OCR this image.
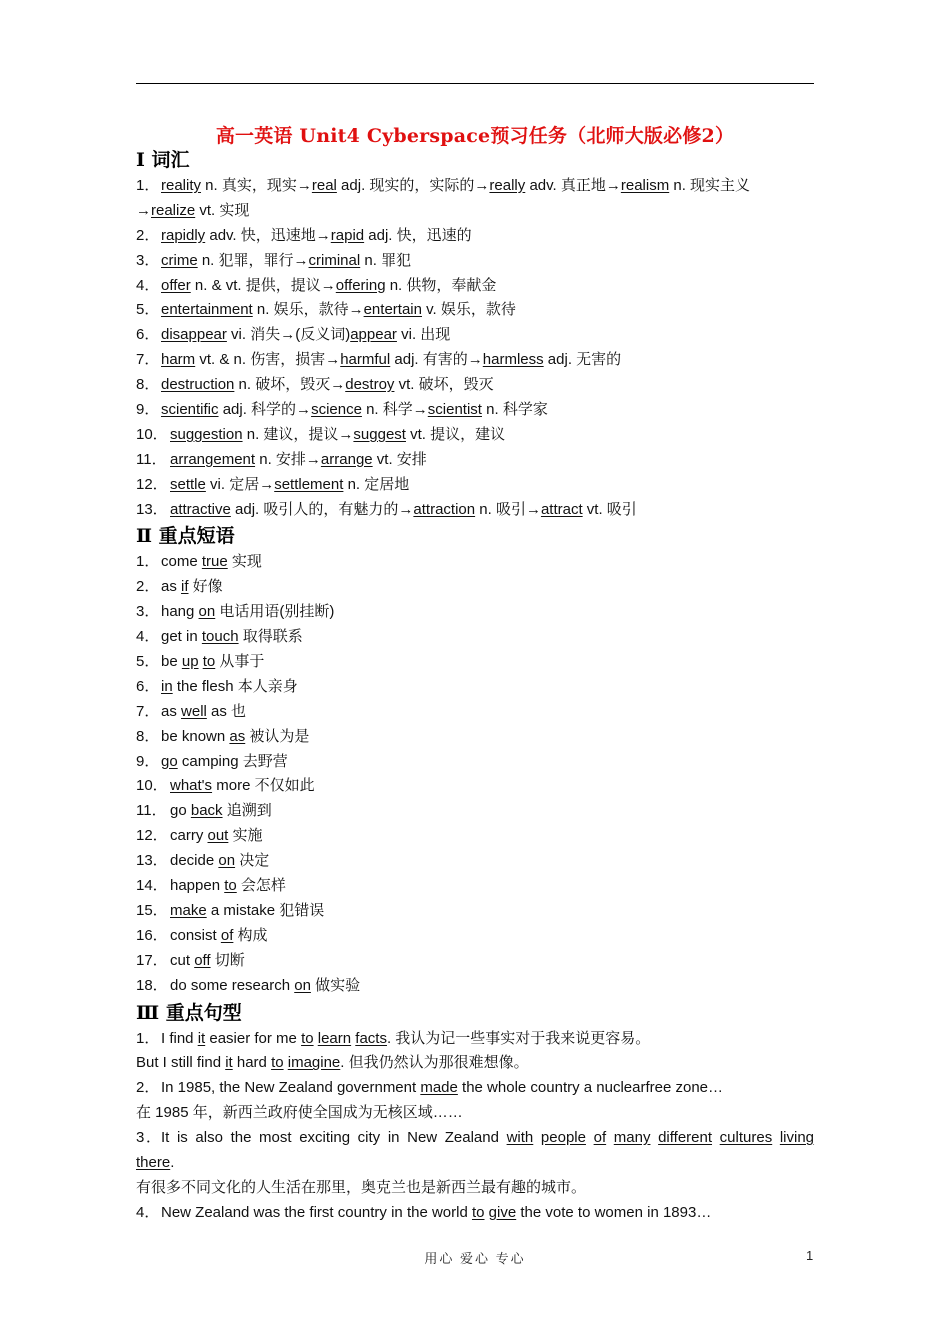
高一英语 Unit4 Cyberspace预习任务（北师大版必修2）
Ⅰ 词汇
1． reality n. 真实，现实→real adj. 现实的，实际的→really adv. 真正地→realism n. 现实主义
→realize vt. 实现
2． rapidly adv. 快，迅速地→rapid adj. 快，迅速的
3． crime n. 犯罪，罪行→criminal n. 罪犯
4． offer n. & vt. 提供，提议→offering n. 供物，奉献金
5． entertainment n. 娱乐，款待→entertain v. 娱乐，款待
6． disappear vi. 消失→(反义词)appear vi. 出现
7． harm vt. & n. 伤害，损害→harmful adj. 有害的→harmless adj. 无害的
8． destruction n. 破坏，毁灭→destroy vt. 破坏，毁灭
9． scientific adj. 科学的→science n. 科学→scientist n. 科学家
10． suggestion n. 建议，提议→suggest vt. 提议，建议
11． arrangement n. 安排→arrange vt. 安排
12． settle vi. 定居→settlement n. 定居地
13． attractive adj. 吸引人的，有魅力的→attraction n. 吸引→attract vt. 吸引
Ⅱ 重点短语
1． come true 实现
2． as if 好像
3． hang on 电话用语(别挂断)
4． get in touch 取得联系
5． be up to 从事于
6． in the flesh 本人亲身
7． as well as 也
8． be known as 被认为是
9． go camping 去野营
10． what's more 不仅如此
11． go back 追溯到
12． carry out 实施
13． decide on 决定
14． happen to 会怎样
15． make a mistake 犯错误
16． consist of 构成
17． cut off 切断
18． do some research on 做实验
Ⅲ 重点句型
1． I find it easier for me to learn facts. 我认为记一些事实对于我来说更容易。
But I still find it hard to imagine. 但我仍然认为那很难想像。
2． In 1985, the New Zealand government made the whole country a nuclearfree zone…
在 1985 年，新西兰政府使全国成为无核区域……
3．It is also the most exciting city in New Zealand with people of many different cultures living
there.
有很多不同文化的人生活在那里，奥克兰也是新西兰最有趣的城市。
4． New Zealand was the first country in the world to give the vote to women in 1893…
用心 爱心 专心	1
